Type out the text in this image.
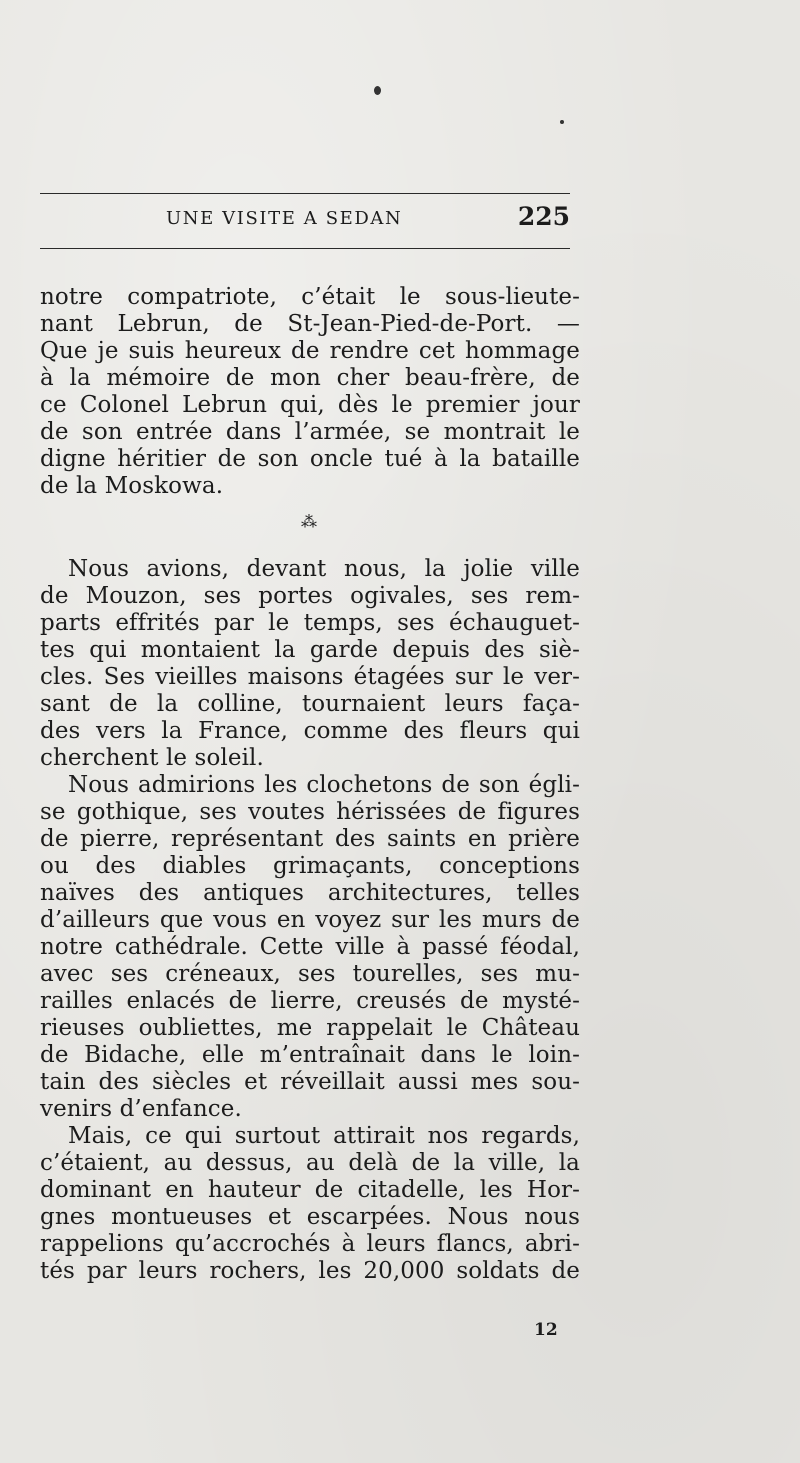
UNE VISITE A SEDAN	225
notre compatriote, c’était le sous-lieute-
nant Lebrun, de St-Jean-Pied-de-Port. —
Que je suis heureux de rendre cet hommage
à la mémoire de mon cher beau-frère, de
ce Colonel Lebrun qui, dès le premier jour
de son entrée dans l’armée, se montrait le
digne héritier de son oncle tué à la bataille
de la Moskowa.
⁂
Nous avions, devant nous, la jolie ville
de Mouzon, ses portes ogivales, ses rem-
parts effrités par le temps, ses échauguet-
tes qui montaient la garde depuis des siè-
cles. Ses vieilles maisons étagées sur le ver-
sant de la colline, tournaient leurs faça-
des vers la France, comme des fleurs qui
cherchent le soleil.
Nous admirions les clochetons de son égli-
se gothique, ses voutes hérissées de figures
de pierre, représentant des saints en prière
ou des diables grimaçants, conceptions
naïves des antiques architectures, telles
d’ailleurs que vous en voyez sur les murs de
notre cathédrale. Cette ville à passé féodal,
avec ses créneaux, ses tourelles, ses mu-
railles enlacés de lierre, creusés de mysté-
rieuses oubliettes, me rappelait le Château
de Bidache, elle m’entraînait dans le loin-
tain des siècles et réveillait aussi mes sou-
venirs d’enfance.
Mais, ce qui surtout attirait nos regards,
c’étaient, au dessus, au delà de la ville, la
dominant en hauteur de citadelle, les Hor-
gnes montueuses et escarpées. Nous nous
rappelions qu’accrochés à leurs flancs, abri-
tés par leurs rochers, les 20,000 soldats de
12
